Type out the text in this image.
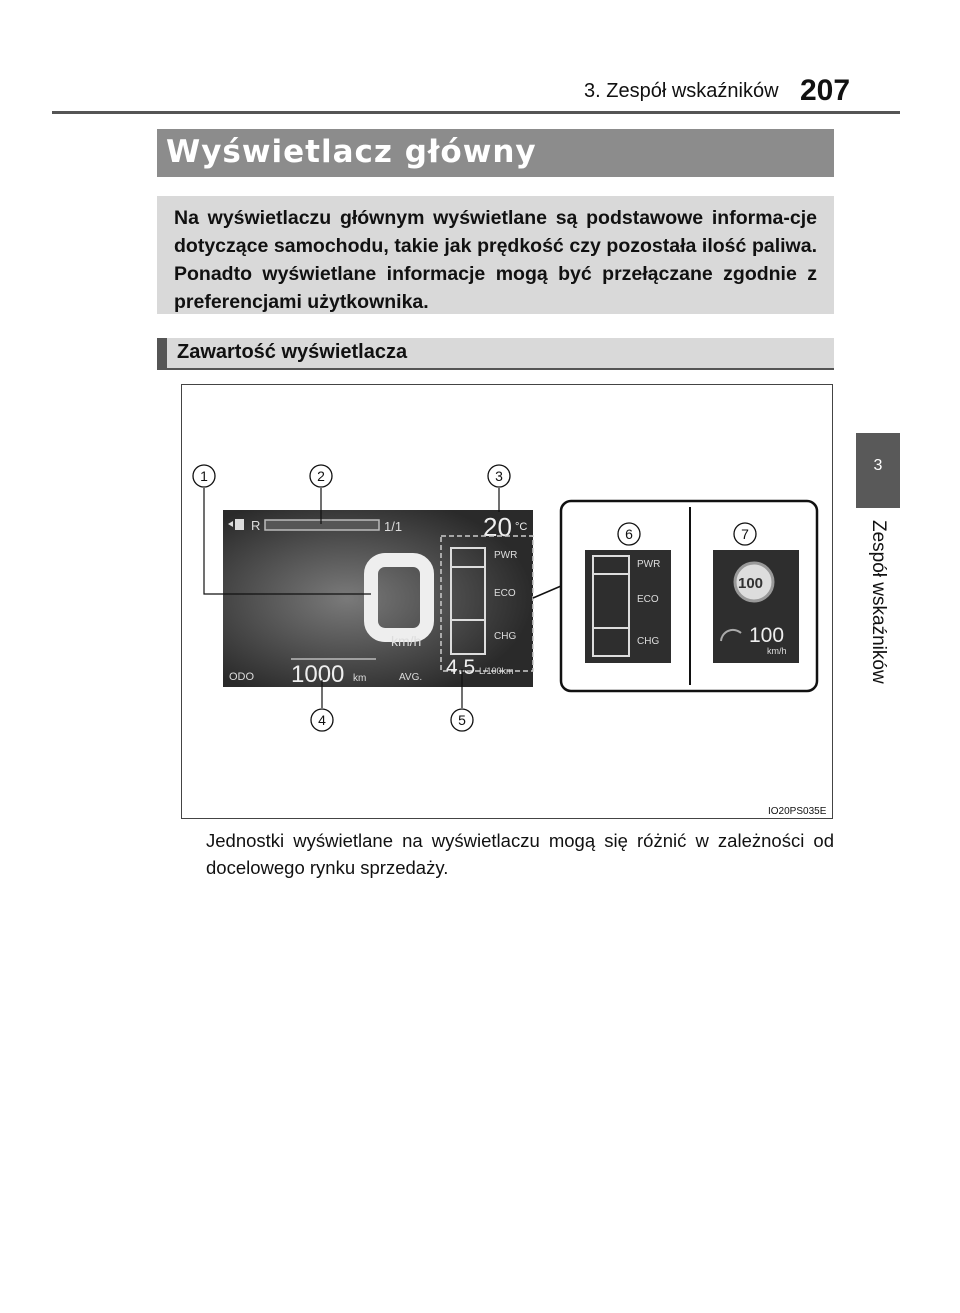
3. Zespół wskaźników 207
3
Zespół wskaźników
Wyświetlacz główny
Na wyświetlaczu głównym wyświetlane są podstawowe informa-cje dotyczące samochodu, takie jak prędkość czy pozostała ilość paliwa. Ponadto wyświetlane informacje mogą być przełączane zgodnie z preferencjami użytkownika.
Zawartość wyświetlacza
R	1/1	20 °C
km/h
PWR
ECO
CHG
ODO 1000 km	AVG. 4.5 L/100km
PWR
ECO
CHG
100
100
km/h
1	2	3
4	5
6	7
IO20PS035E
Jednostki wyświetlane na wyświetlaczu mogą się różnić w zależności od docelowego rynku sprzedaży.
